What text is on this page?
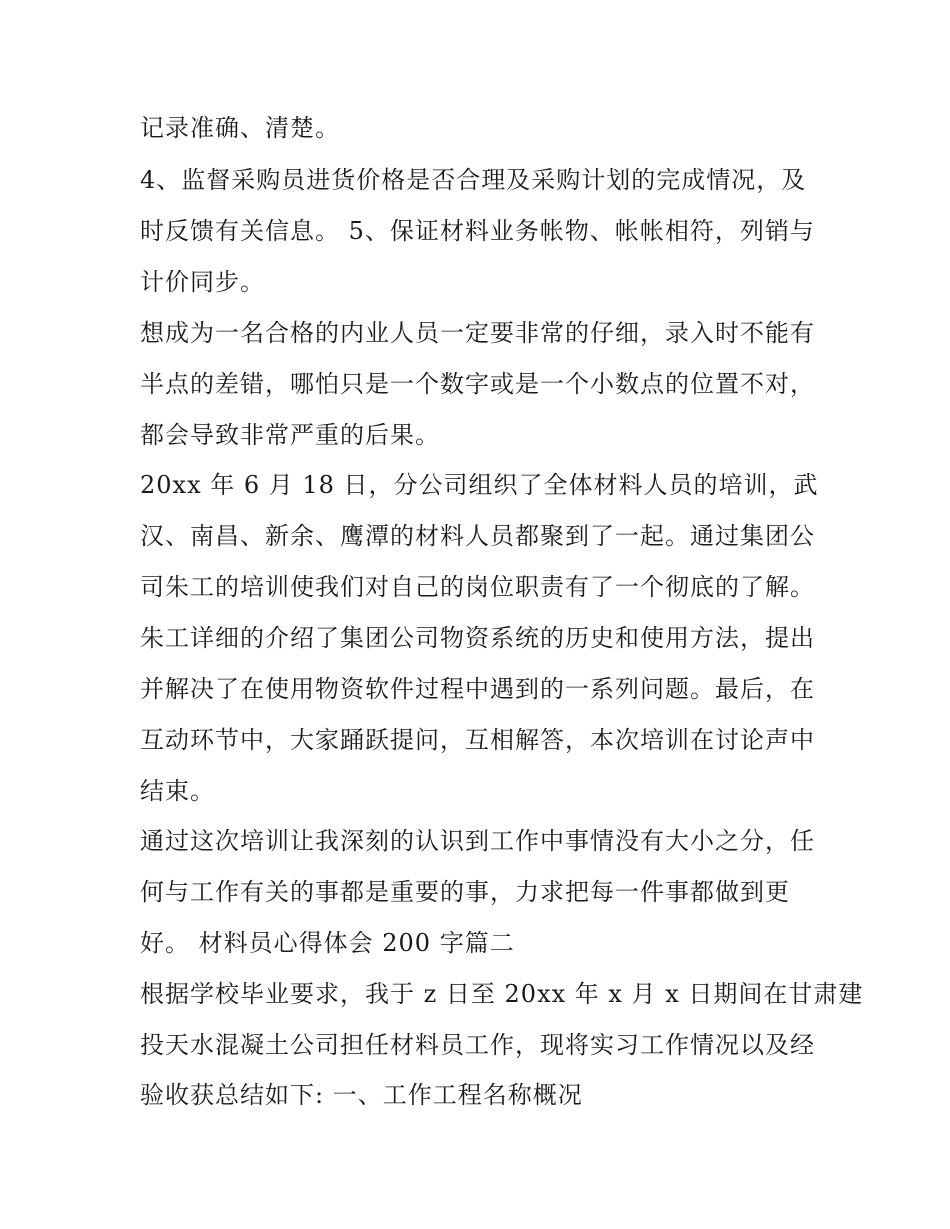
记录准确、清楚。
4、监督采购员进货价格是否合理及采购计划的完成情况，及
时反馈有关信息。 5、保证材料业务帐物、帐帐相符，列销与
计价同步。
想成为一名合格的内业人员一定要非常的仔细，录入时不能有
半点的差错，哪怕只是一个数字或是一个小数点的位置不对，
都会导致非常严重的后果。
20xx 年 6 月 18 日，分公司组织了全体材料人员的培训，武
汉、南昌、新余、鹰潭的材料人员都聚到了一起。通过集团公
司朱工的培训使我们对自己的岗位职责有了一个彻底的了解。
朱工详细的介绍了集团公司物资系统的历史和使用方法，提出
并解决了在使用物资软件过程中遇到的一系列问题。最后，在
互动环节中，大家踊跃提问，互相解答，本次培训在讨论声中
结束。
通过这次培训让我深刻的认识到工作中事情没有大小之分，任
何与工作有关的事都是重要的事，力求把每一件事都做到更
好。 材料员心得体会 200 字篇二
根据学校毕业要求，我于 z 日至 20xx 年 x 月 x 日期间在甘肃建
投天水混凝土公司担任材料员工作，现将实习工作情况以及经
验收获总结如下: 一、工作工程名称概况
